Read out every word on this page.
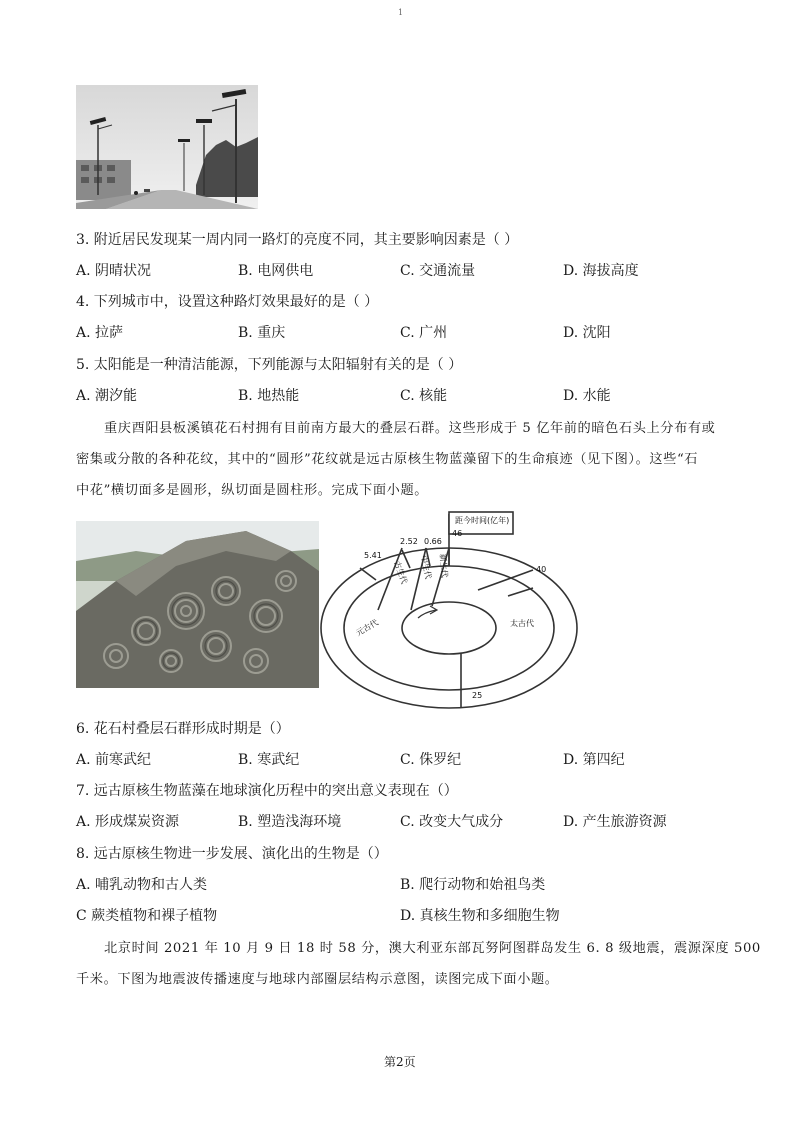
1
3. 附近居民发现某一周内同一路灯的亮度不同，其主要影响因素是（ ）
A. 阴晴状况	B. 电网供电	C. 交通流量	D. 海拔高度
4. 下列城市中，设置这种路灯效果最好的是（ ）
A. 拉萨	B. 重庆	C. 广州	D. 沈阳
5. 太阳能是一种清洁能源，下列能源与太阳辐射有关的是（ ）
A. 潮汐能	B. 地热能	C. 核能	D. 水能
重庆酉阳县板溪镇花石村拥有目前南方最大的叠层石群。这些形成于 5 亿年前的暗色石头上分布有或
密集或分散的各种花纹，其中的“圆形”花纹就是远古原核生物蓝藻留下的生命痕迹（见下图）。这些“石
中花”横切面多是圆形，纵切面是圆柱形。完成下面小题。
距今时间(亿年)
5.41
2.52 0.66
46
40
25
古生代 中生代 新生代
太古代
元古代
6. 花石村叠层石群形成时期是（）
A. 前寒武纪	B. 寒武纪	C. 侏罗纪	D. 第四纪
7. 远古原核生物蓝藻在地球演化历程中的突出意义表现在（）
A. 形成煤炭资源	B. 塑造浅海环境	C. 改变大气成分	D. 产生旅游资源
8. 远古原核生物进一步发展、演化出的生物是（）
A. 哺乳动物和古人类	B. 爬行动物和始祖鸟类
C 蕨类植物和裸子植物	D. 真核生物和多细胞生物
北京时间 2021 年 10 月 9 日 18 时 58 分，澳大利亚东部瓦努阿图群岛发生 6. 8 级地震，震源深度 500
千米。下图为地震波传播速度与地球内部圈层结构示意图，读图完成下面小题。
第2页
